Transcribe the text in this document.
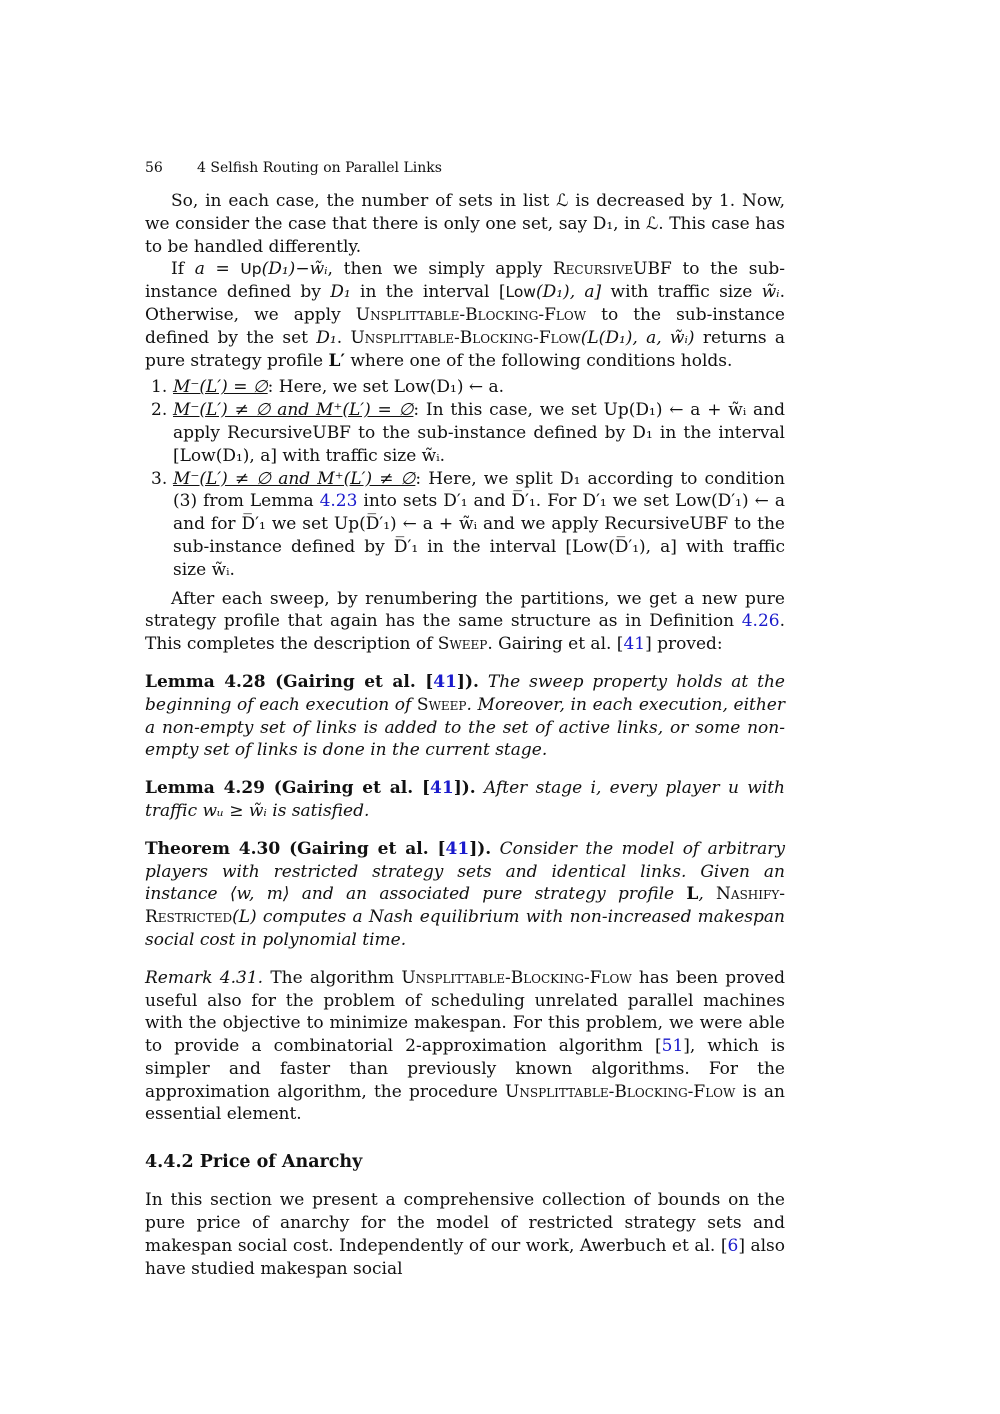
56 4 Selfish Routing on Parallel Links

So, in each case, the number of sets in list ℒ is decreased by 1. Now, we consider the case that there is only one set, say D₁, in ℒ. This case has to be handled differently.

If a = Up(D₁)−w̃ᵢ, then we simply apply RecursiveUBF to the sub-instance defined by D₁ in the interval [Low(D₁), a] with traffic size w̃ᵢ. Otherwise, we apply Unsplittable-Blocking-Flow to the sub-instance defined by the set D₁. Unsplittable-Blocking-Flow(L(D₁), a, w̃ᵢ) returns a pure strategy profile L′ where one of the following conditions holds.

1. M⁻(L′) = ∅: Here, we set Low(D₁) ← a.
2. M⁻(L′) ≠ ∅ and M⁺(L′) = ∅: In this case, we set Up(D₁) ← a + w̃ᵢ and apply RecursiveUBF to the sub-instance defined by D₁ in the interval [Low(D₁), a] with traffic size w̃ᵢ.
3. M⁻(L′) ≠ ∅ and M⁺(L′) ≠ ∅: Here, we split D₁ according to condition (3) from Lemma 4.23 into sets D′₁ and D̅′₁. For D′₁ we set Low(D′₁) ← a and for D̅′₁ we set Up(D̅′₁) ← a + w̃ᵢ and we apply RecursiveUBF to the sub-instance defined by D̅′₁ in the interval [Low(D̅′₁), a] with traffic size w̃ᵢ.

After each sweep, by renumbering the partitions, we get a new pure strategy profile that again has the same structure as in Definition 4.26. This completes the description of Sweep. Gairing et al. [41] proved:

Lemma 4.28 (Gairing et al. [41]). The sweep property holds at the beginning of each execution of Sweep. Moreover, in each execution, either a non-empty set of links is added to the set of active links, or some non-empty set of links is done in the current stage.

Lemma 4.29 (Gairing et al. [41]). After stage i, every player u with traffic wᵤ ≥ w̃ᵢ is satisfied.

Theorem 4.30 (Gairing et al. [41]). Consider the model of arbitrary players with restricted strategy sets and identical links. Given an instance ⟨w, m⟩ and an associated pure strategy profile L, Nashify-Restricted(L) computes a Nash equilibrium with non-increased makespan social cost in polynomial time.

Remark 4.31. The algorithm Unsplittable-Blocking-Flow has been proved useful also for the problem of scheduling unrelated parallel machines with the objective to minimize makespan. For this problem, we were able to provide a combinatorial 2-approximation algorithm [51], which is simpler and faster than previously known algorithms. For the approximation algorithm, the procedure Unsplittable-Blocking-Flow is an essential element.

4.4.2 Price of Anarchy

In this section we present a comprehensive collection of bounds on the pure price of anarchy for the model of restricted strategy sets and makespan social cost. Independently of our work, Awerbuch et al. [6] also have studied makespan social
